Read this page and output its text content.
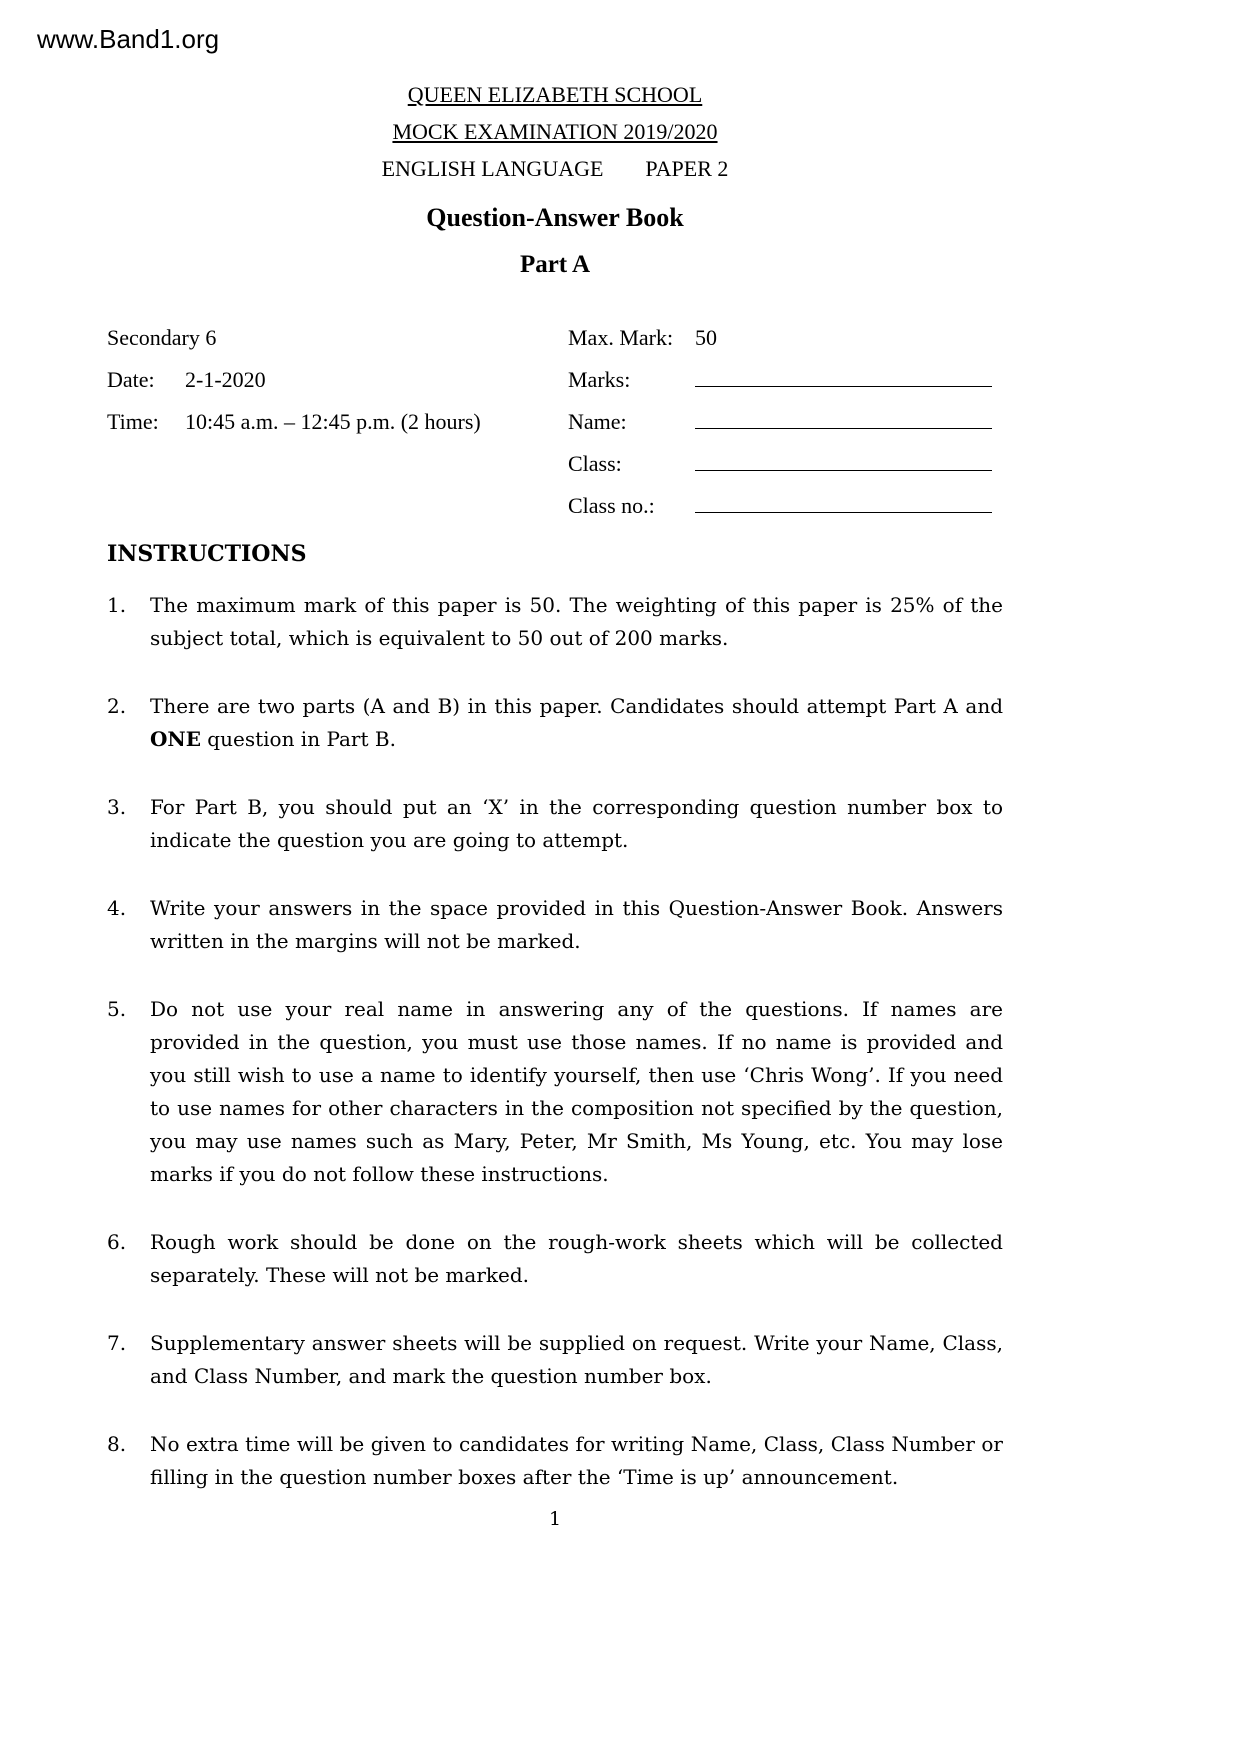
www.Band1.org
QUEEN ELIZABETH SCHOOL
MOCK EXAMINATION 2019/2020
ENGLISH LANGUAGE PAPER 2
Question-Answer Book
Part A
Secondary 6
Date:	2-1-2020
Time:	10:45 a.m. – 12:45 p.m. (2 hours)
Max. Mark: 50
Marks:
Name:
Class:
Class no.:
INSTRUCTIONS
1.	The maximum mark of this paper is 50. The weighting of this paper is 25% of the subject total, which is equivalent to 50 out of 200 marks.
2.	There are two parts (A and B) in this paper. Candidates should attempt Part A and ONE question in Part B.
3.	For Part B, you should put an ‘X’ in the corresponding question number box to indicate the question you are going to attempt.
4.	Write your answers in the space provided in this Question-Answer Book. Answers written in the margins will not be marked.
5.	Do not use your real name in answering any of the questions. If names are provided in the question, you must use those names. If no name is provided and you still wish to use a name to identify yourself, then use ‘Chris Wong’. If you need to use names for other characters in the composition not specified by the question, you may use names such as Mary, Peter, Mr Smith, Ms Young, etc. You may lose marks if you do not follow these instructions.
6.	Rough work should be done on the rough-work sheets which will be collected separately. These will not be marked.
7.	Supplementary answer sheets will be supplied on request. Write your Name, Class, and Class Number, and mark the question number box.
8.	No extra time will be given to candidates for writing Name, Class, Class Number or filling in the question number boxes after the ‘Time is up’ announcement.
1
